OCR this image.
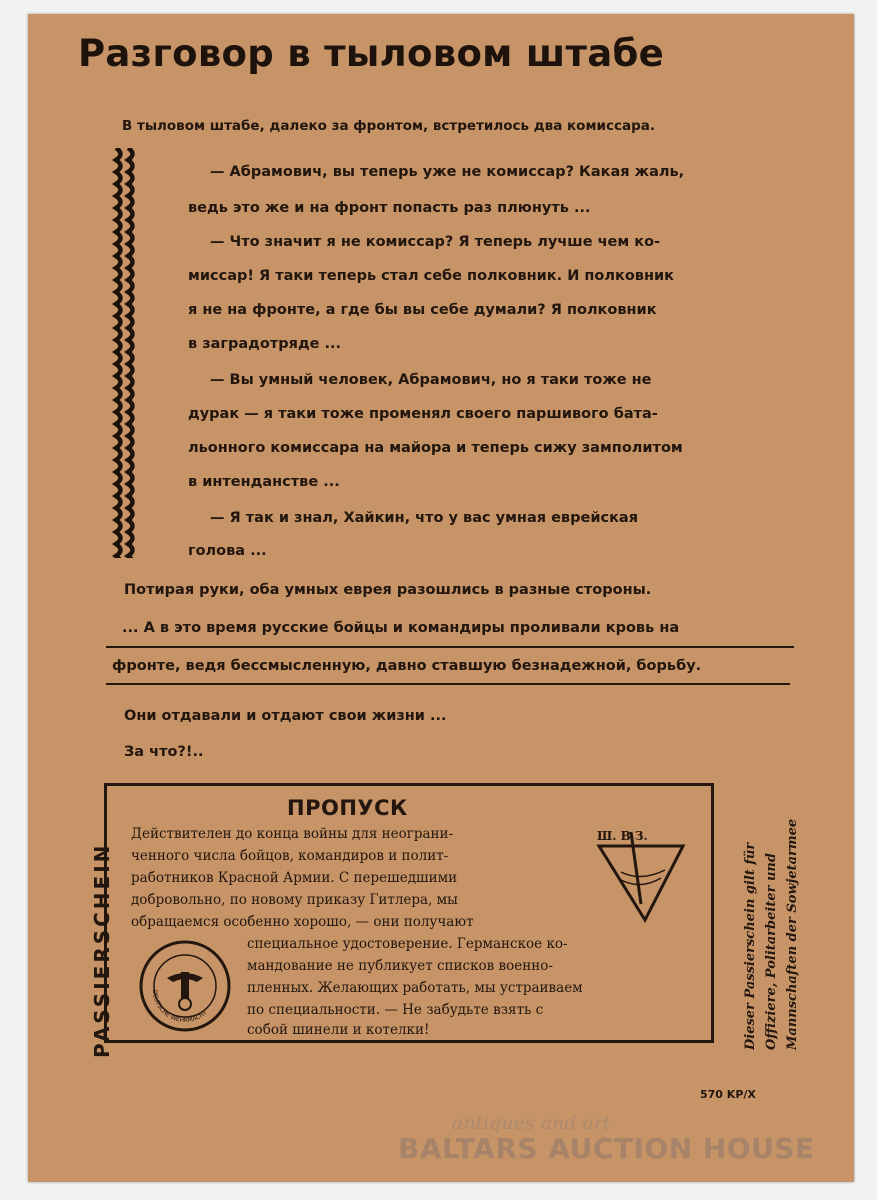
Разговор в тыловом штабе
В тыловом штабе, далеко за фронтом, встретилось два комиссара.
— Абрамович, вы теперь уже не комиссар? Какая жаль,
ведь это же и на фронт попасть раз плюнуть ...
— Что значит я не комиссар? Я теперь лучше чем ко-
миссар! Я таки теперь стал себе полковник. И полковник
я не на фронте, а где бы вы себе думали? Я полковник
в заградотряде ...
— Вы умный человек, Абрамович, но я таки тоже не
дурак — я таки тоже променял своего паршивого бата-
льонного комиссара на майора и теперь сижу замполитом
в интенданстве ...
— Я так и знал, Хайкин, что у вас умная еврейская
голова ...
Потирая руки, оба умных еврея разошлись в разные стороны.
... А в это время русские бойцы и командиры проливали кровь на
фронте, ведя бессмысленную, давно ставшую безнадежной, борьбу.
Они отдавали и отдают свои жизни ...
За что?!..
PASSIERSCHEIN
ПРОПУСК
Действителен до конца войны для неограни-
ченного числа бойцов, командиров и полит-
работников Красной Армии. С перешедшими
добровольно, по новому приказу Гитлера, мы
обращаемся особенно хорошо, — они получают
специальное удостоверение. Германское ко-
мандование не публикует списков военно-
пленных. Желающих работать, мы устраиваем
по специальности. — Не забудьте взять с
собой шинели и котелки!
Ш. В З.
DEUTSCHE WEHRMACHT	Dieser Passierschein gilt für Offiziere, Politarbeiter und Mannschaften der Sowjetarmee
570 KP/X
antiques and art
BALTARS AUCTION HOUSE
